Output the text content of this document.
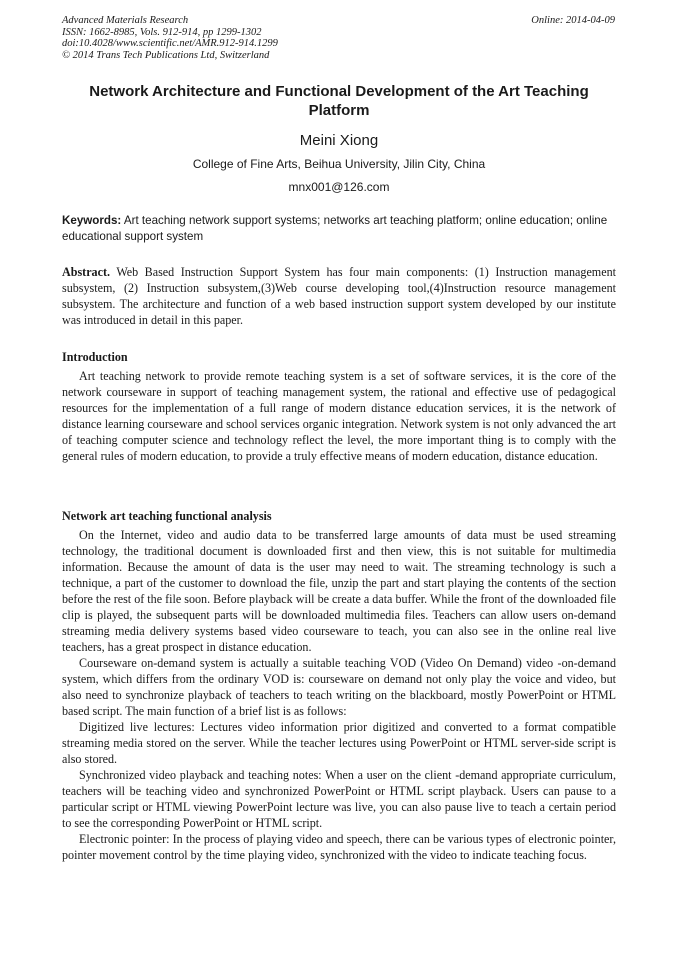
Advanced Materials Research
ISSN: 1662-8985, Vols. 912-914, pp 1299-1302
doi:10.4028/www.scientific.net/AMR.912-914.1299
© 2014 Trans Tech Publications Ltd, Switzerland
Online: 2014-04-09
Network Architecture and Functional Development of the Art Teaching Platform
Meini Xiong
College of Fine Arts, Beihua University, Jilin City, China
mnx001@126.com
Keywords: Art teaching network support systems; networks art teaching platform; online education; online educational support system
Abstract. Web Based Instruction Support System has four main components: (1) Instruction management subsystem, (2) Instruction subsystem,(3)Web course developing tool,(4)Instruction resource management subsystem. The architecture and function of a web based instruction support system developed by our institute was introduced in detail in this paper.
Introduction

Art teaching network to provide remote teaching system is a set of software services, it is the core of the network courseware in support of teaching management system, the rational and effective use of pedagogical resources for the implementation of a full range of modern distance education services, it is the network of distance learning courseware and school services organic integration. Network system is not only advanced the art of teaching computer science and technology reflect the level, the more important thing is to comply with the general rules of modern education, to provide a truly effective means of modern education, distance education.

Network art teaching functional analysis

On the Internet, video and audio data to be transferred large amounts of data must be used streaming technology, the traditional document is downloaded first and then view, this is not suitable for multimedia information. Because the amount of data is the user may need to wait. The streaming technology is such a technique, a part of the customer to download the file, unzip the part and start playing the contents of the section before the rest of the file soon. Before playback will be create a data buffer. While the front of the downloaded file clip is played, the subsequent parts will be downloaded multimedia files. Teachers can allow users on-demand streaming media delivery systems based video courseware to teach, you can also see in the online real live teachers, has a great prospect in distance education.

Courseware on-demand system is actually a suitable teaching VOD (Video On Demand) video -on-demand system, which differs from the ordinary VOD is: courseware on demand not only play the voice and video, but also need to synchronize playback of teachers to teach writing on the blackboard, mostly PowerPoint or HTML based script. The main function of a brief list is as follows:

Digitized live lectures: Lectures video information prior digitized and converted to a format compatible streaming media stored on the server. While the teacher lectures using PowerPoint or HTML server-side script is also stored.

Synchronized video playback and teaching notes: When a user on the client -demand appropriate curriculum, teachers will be teaching video and synchronized PowerPoint or HTML script playback. Users can pause to a particular script or HTML viewing PowerPoint lecture was live, you can also pause live to teach a certain period to see the corresponding PowerPoint or HTML script.

Electronic pointer: In the process of playing video and speech, there can be various types of electronic pointer, pointer movement control by the time playing video, synchronized with the video to indicate teaching focus.
